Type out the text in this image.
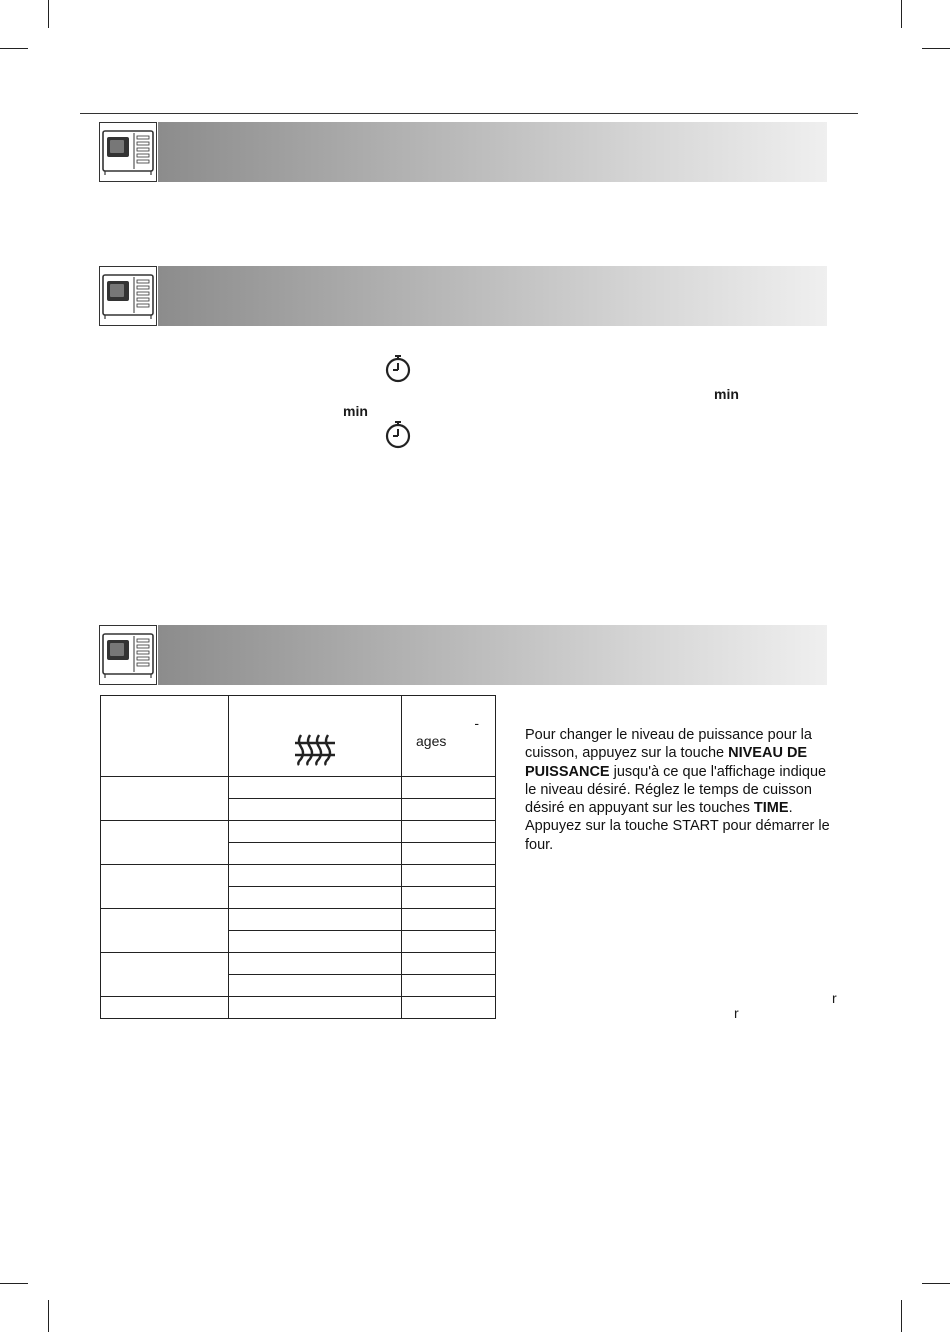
min
min

-
ages

			Pour changer le niveau de puissance pour la cuisson, appuyez sur la touche NIVEAU DE PUISSANCE jusqu'à ce que l'affichage indique le niveau désiré. Réglez le temps de cuisson désiré en appuyant sur les touches TIME. Appuyez sur la touche START pour démarrer le four.
r
r
